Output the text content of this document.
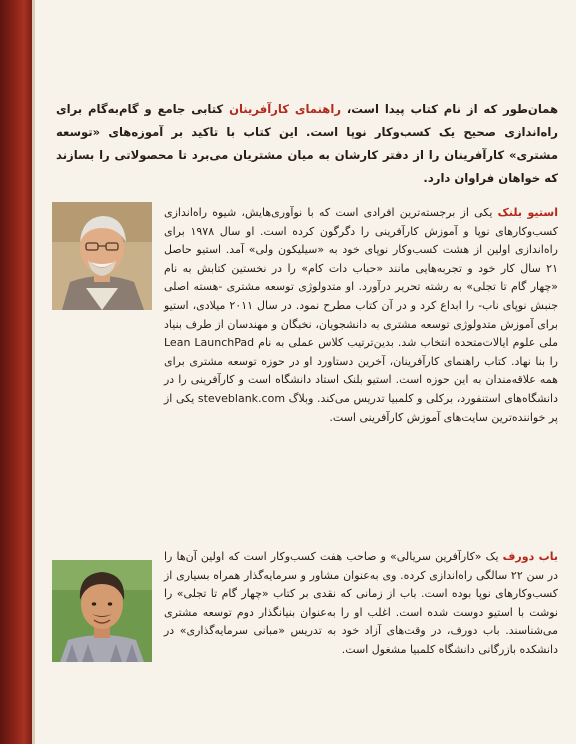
همان‌طور که از نام کتاب پیدا است، راهنمای کارآفرینان کتابی جامع و گام‌به‌گام برای راه‌اندازی صحیح یک کسب‌وکار نوپا است. این کتاب با تاکید بر آموزه‌های «توسعه مشتری» کارآفرینان را از دفتر کارشان به میان مشتریان می‌برد تا محصولاتی را بسازند که خواهان فراوان دارد.

استیو بلنک یکی از برجسته‌ترین افرادی است که با نوآوری‌هایش، شیوه راه‌اندازی کسب‌وکارهای نوپا و آموزش کارآفرینی را دگرگون کرده است. او سال ۱۹۷۸ برای راه‌اندازی اولین از هشت کسب‌وکار نوپای خود به «سیلیکون ولی» آمد. استیو حاصل ۲۱ سال کار خود و تجربه‌هایی مانند «حباب دات کام» را در نخستین کتابش به نام «چهار گام تا تجلی» به رشته تحریر درآورد. او متدولوژی توسعه مشتری -هسته اصلی جنبش نوپای ناب- را ابداع کرد و در آن کتاب مطرح نمود. در سال ۲۰۱۱ میلادی، استیو برای آموزش متدولوژی توسعه مشتری به دانشجویان، نخبگان و مهندسان از طرف بنیاد ملی علوم ایالات‌متحده انتخاب شد. بدین‌ترتیب کلاس عملی به نام Lean LaunchPad را بنا نهاد. کتاب راهنمای کارآفرینان، آخرین دستاورد او در حوزه توسعه مشتری برای همه علاقه‌مندان به این حوزه است. استیو بلنک استاد دانشگاه است و کارآفرینی را در دانشگاه‌های استنفورد، برکلی و کلمبیا تدریس می‌کند. وبلاگ steveblank.com یکی از پر خواننده‌ترین سایت‌های آموزش کارآفرینی است.

باب دورف یک «کارآفرین سریالی» و صاحب هفت کسب‌وکار است که اولین آن‌ها را در سن ۲۲ سالگی راه‌اندازی کرده. وی به‌عنوان مشاور و سرمایه‌گذار همراه بسیاری از کسب‌وکارهای نوپا بوده است. باب از زمانی که نقدی بر کتاب «چهار گام تا تجلی» را نوشت با استیو دوست شده است. اغلب او را به‌عنوان بنیانگذار دوم توسعه مشتری می‌شناسند. باب دورف، در وقت‌های آزاد خود به تدریس «مبانی سرمایه‌گذاری» در دانشکده بازرگانی دانشگاه کلمبیا مشغول است.
